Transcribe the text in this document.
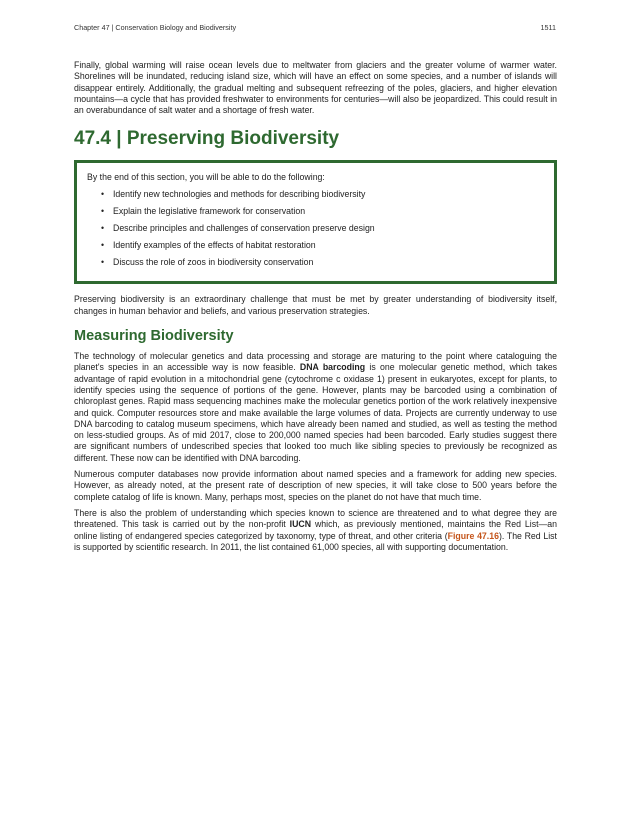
Chapter 47 | Conservation Biology and Biodiversity	1511

Finally, global warming will raise ocean levels due to meltwater from glaciers and the greater volume of warmer water. Shorelines will be inundated, reducing island size, which will have an effect on some species, and a number of islands will disappear entirely. Additionally, the gradual melting and subsequent refreezing of the poles, glaciers, and higher elevation mountains—a cycle that has provided freshwater to environments for centuries—will also be jeopardized. This could result in an overabundance of salt water and a shortage of fresh water.

47.4 | Preserving Biodiversity
By the end of this section, you will be able to do the following:
• Identify new technologies and methods for describing biodiversity
• Explain the legislative framework for conservation
• Describe principles and challenges of conservation preserve design
• Identify examples of the effects of habitat restoration
• Discuss the role of zoos in biodiversity conservation

Preserving biodiversity is an extraordinary challenge that must be met by greater understanding of biodiversity itself, changes in human behavior and beliefs, and various preservation strategies.

Measuring Biodiversity

The technology of molecular genetics and data processing and storage are maturing to the point where cataloguing the planet's species in an accessible way is now feasible. DNA barcoding is one molecular genetic method, which takes advantage of rapid evolution in a mitochondrial gene (cytochrome c oxidase 1) present in eukaryotes, except for plants, to identify species using the sequence of portions of the gene. However, plants may be barcoded using a combination of chloroplast genes. Rapid mass sequencing machines make the molecular genetics portion of the work relatively inexpensive and quick. Computer resources store and make available the large volumes of data. Projects are currently underway to use DNA barcoding to catalog museum specimens, which have already been named and studied, as well as testing the method on less-studied groups. As of mid 2017, close to 200,000 named species had been barcoded. Early studies suggest there are significant numbers of undescribed species that looked too much like sibling species to previously be recognized as different. These now can be identified with DNA barcoding.

Numerous computer databases now provide information about named species and a framework for adding new species. However, as already noted, at the present rate of description of new species, it will take close to 500 years before the complete catalog of life is known. Many, perhaps most, species on the planet do not have that much time.

There is also the problem of understanding which species known to science are threatened and to what degree they are threatened. This task is carried out by the non-profit IUCN which, as previously mentioned, maintains the Red List—an online listing of endangered species categorized by taxonomy, type of threat, and other criteria (Figure 47.16). The Red List is supported by scientific research. In 2011, the list contained 61,000 species, all with supporting documentation.
